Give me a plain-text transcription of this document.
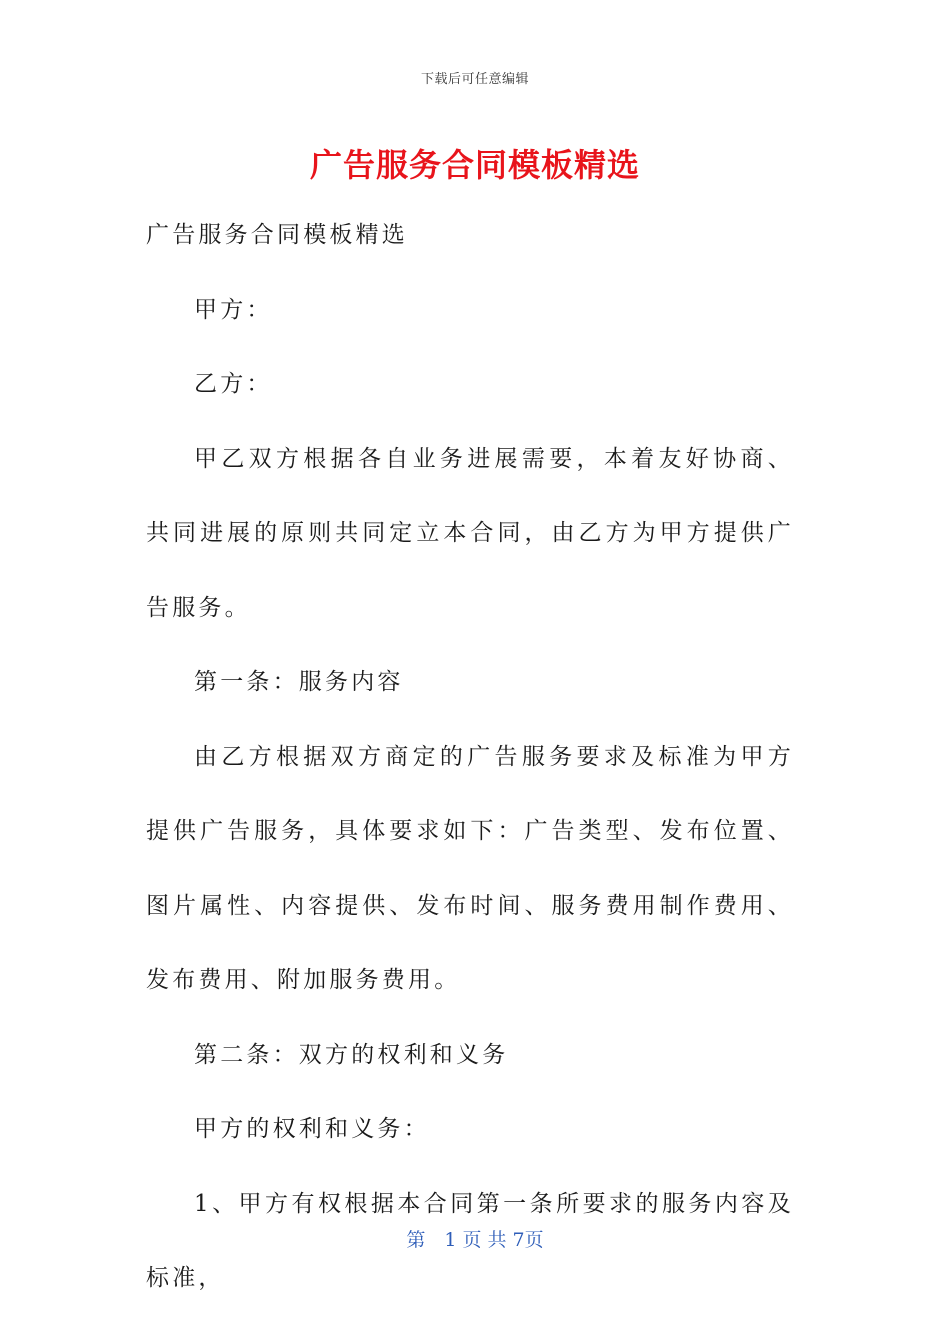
下载后可任意编辑
广告服务合同模板精选

广告服务合同模板精选

甲方：

乙方：

甲乙双方根据各自业务进展需要，本着友好协商、共同进展的原则共同定立本合同，由乙方为甲方提供广告服务。

第一条：服务内容

由乙方根据双方商定的广告服务要求及标准为甲方提供广告服务，具体要求如下：广告类型、发布位置、图片属性、内容提供、发布时间、服务费用制作费用、发布费用、附加服务费用。

第二条：双方的权利和义务

甲方的权利和义务：

1、甲方有权根据本合同第一条所要求的服务内容及标准，

第　1 页 共 7页
